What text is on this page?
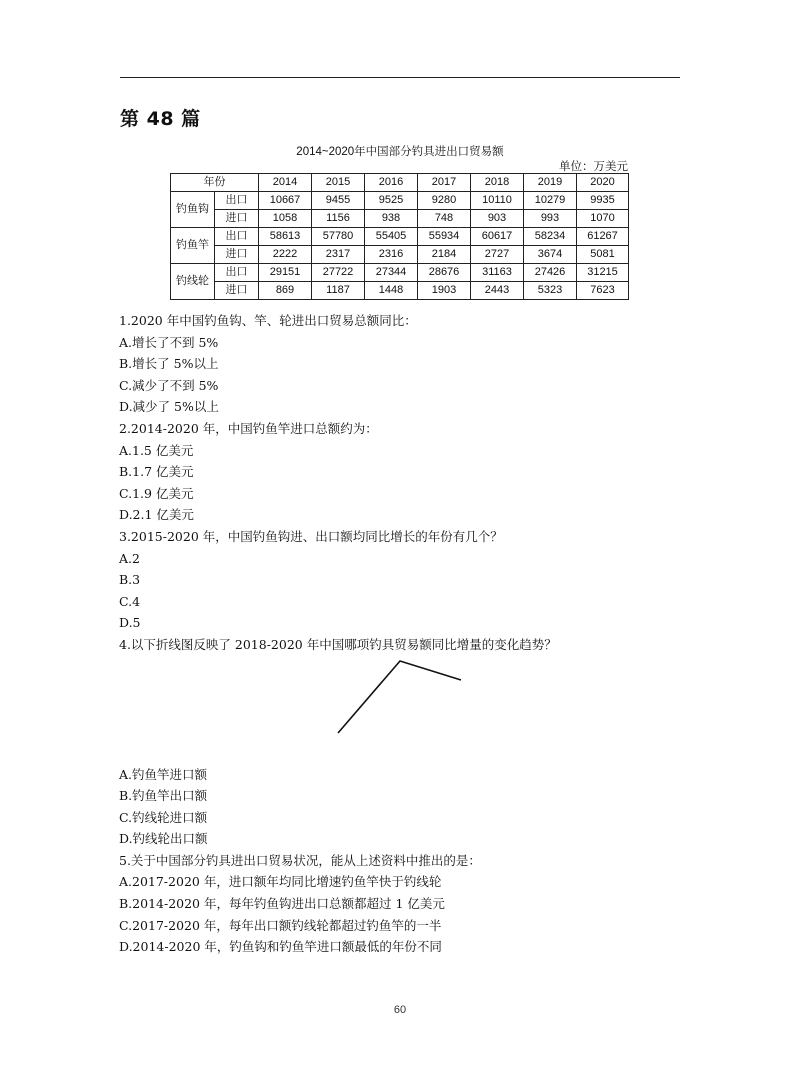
第 48 篇
2014~2020年中国部分钓具进出口贸易额
单位：万美元
年份		2014	2015	2016	2017	2018	2019	2020
钓鱼钩	出口	10667	9455	9525	9280	10110	10279	9935
	进口	1058	1156	938	748	903	993	1070
钓鱼竿	出口	58613	57780	55405	55934	60617	58234	61267
	进口	2222	2317	2316	2184	2727	3674	5081
钓线轮	出口	29151	27722	27344	28676	31163	27426	31215
	进口	869	1187	1448	1903	2443	5323	7623
1.2020 年中国钓鱼钩、竿、轮进出口贸易总额同比：
A.增长了不到 5%
B.增长了 5%以上
C.减少了不到 5%
D.减少了 5%以上
2.2014-2020 年，中国钓鱼竿进口总额约为：
A.1.5 亿美元
B.1.7 亿美元
C.1.9 亿美元
D.2.1 亿美元
3.2015-2020 年，中国钓鱼钩进、出口额均同比增长的年份有几个？
A.2
B.3
C.4
D.5
4.以下折线图反映了 2018-2020 年中国哪项钓具贸易额同比增量的变化趋势？
A.钓鱼竿进口额
B.钓鱼竿出口额
C.钓线轮进口额
D.钓线轮出口额
5.关于中国部分钓具进出口贸易状况，能从上述资料中推出的是：
A.2017-2020 年，进口额年均同比增速钓鱼竿快于钓线轮
B.2014-2020 年，每年钓鱼钩进出口总额都超过 1 亿美元
C.2017-2020 年，每年出口额钓线轮都超过钓鱼竿的一半
D.2014-2020 年，钓鱼钩和钓鱼竿进口额最低的年份不同
60
